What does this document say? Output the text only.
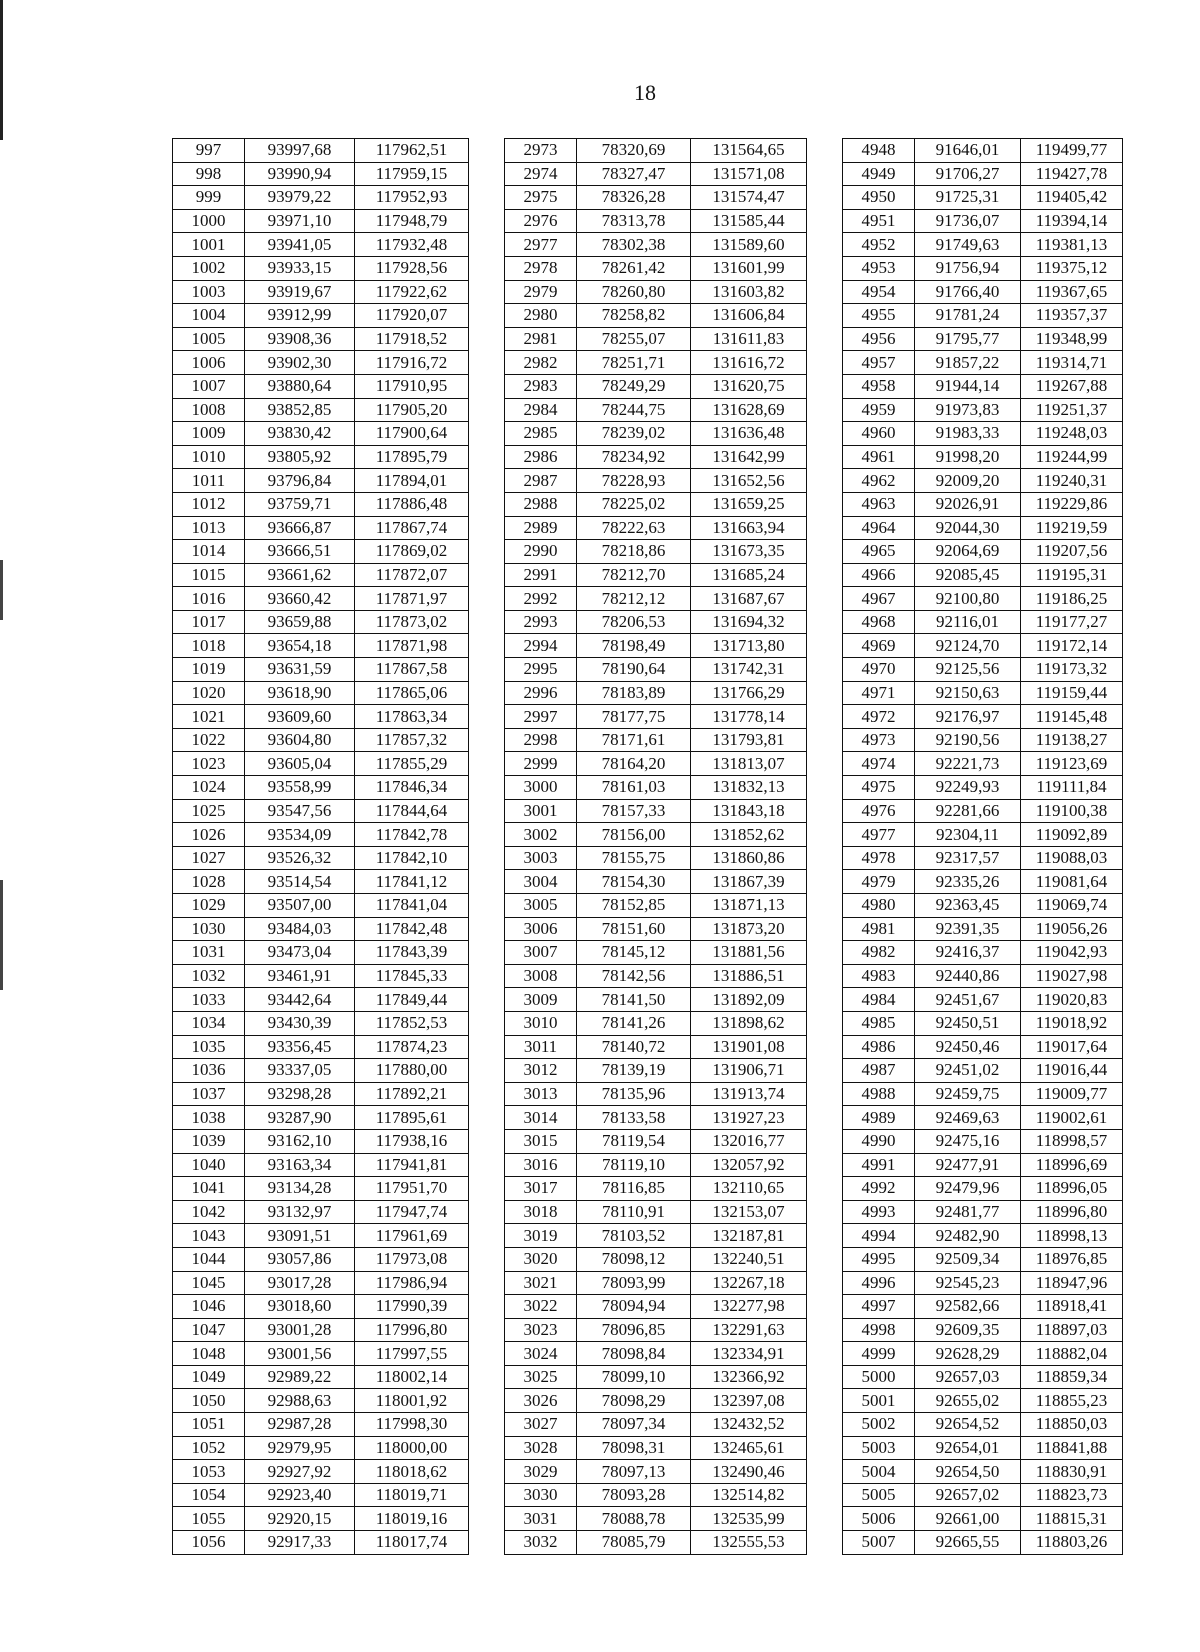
18
997	93997,68	117962,51		2973	78320,69	131564,65		4948	91646,01	119499,77
998	93990,94	117959,15		2974	78327,47	131571,08		4949	91706,27	119427,78
999	93979,22	117952,93		2975	78326,28	131574,47		4950	91725,31	119405,42
1000	93971,10	117948,79		2976	78313,78	131585,44		4951	91736,07	119394,14
1001	93941,05	117932,48		2977	78302,38	131589,60		4952	91749,63	119381,13
1002	93933,15	117928,56		2978	78261,42	131601,99		4953	91756,94	119375,12
1003	93919,67	117922,62		2979	78260,80	131603,82		4954	91766,40	119367,65
1004	93912,99	117920,07		2980	78258,82	131606,84		4955	91781,24	119357,37
1005	93908,36	117918,52		2981	78255,07	131611,83		4956	91795,77	119348,99
1006	93902,30	117916,72		2982	78251,71	131616,72		4957	91857,22	119314,71
1007	93880,64	117910,95		2983	78249,29	131620,75		4958	91944,14	119267,88
1008	93852,85	117905,20		2984	78244,75	131628,69		4959	91973,83	119251,37
1009	93830,42	117900,64		2985	78239,02	131636,48		4960	91983,33	119248,03
1010	93805,92	117895,79		2986	78234,92	131642,99		4961	91998,20	119244,99
1011	93796,84	117894,01		2987	78228,93	131652,56		4962	92009,20	119240,31
1012	93759,71	117886,48		2988	78225,02	131659,25		4963	92026,91	119229,86
1013	93666,87	117867,74		2989	78222,63	131663,94		4964	92044,30	119219,59
1014	93666,51	117869,02		2990	78218,86	131673,35		4965	92064,69	119207,56
1015	93661,62	117872,07		2991	78212,70	131685,24		4966	92085,45	119195,31
1016	93660,42	117871,97		2992	78212,12	131687,67		4967	92100,80	119186,25
1017	93659,88	117873,02		2993	78206,53	131694,32		4968	92116,01	119177,27
1018	93654,18	117871,98		2994	78198,49	131713,80		4969	92124,70	119172,14
1019	93631,59	117867,58		2995	78190,64	131742,31		4970	92125,56	119173,32
1020	93618,90	117865,06		2996	78183,89	131766,29		4971	92150,63	119159,44
1021	93609,60	117863,34		2997	78177,75	131778,14		4972	92176,97	119145,48
1022	93604,80	117857,32		2998	78171,61	131793,81		4973	92190,56	119138,27
1023	93605,04	117855,29		2999	78164,20	131813,07		4974	92221,73	119123,69
1024	93558,99	117846,34		3000	78161,03	131832,13		4975	92249,93	119111,84
1025	93547,56	117844,64		3001	78157,33	131843,18		4976	92281,66	119100,38
1026	93534,09	117842,78		3002	78156,00	131852,62		4977	92304,11	119092,89
1027	93526,32	117842,10		3003	78155,75	131860,86		4978	92317,57	119088,03
1028	93514,54	117841,12		3004	78154,30	131867,39		4979	92335,26	119081,64
1029	93507,00	117841,04		3005	78152,85	131871,13		4980	92363,45	119069,74
1030	93484,03	117842,48		3006	78151,60	131873,20		4981	92391,35	119056,26
1031	93473,04	117843,39		3007	78145,12	131881,56		4982	92416,37	119042,93
1032	93461,91	117845,33		3008	78142,56	131886,51		4983	92440,86	119027,98
1033	93442,64	117849,44		3009	78141,50	131892,09		4984	92451,67	119020,83
1034	93430,39	117852,53		3010	78141,26	131898,62		4985	92450,51	119018,92
1035	93356,45	117874,23		3011	78140,72	131901,08		4986	92450,46	119017,64
1036	93337,05	117880,00		3012	78139,19	131906,71		4987	92451,02	119016,44
1037	93298,28	117892,21		3013	78135,96	131913,74		4988	92459,75	119009,77
1038	93287,90	117895,61		3014	78133,58	131927,23		4989	92469,63	119002,61
1039	93162,10	117938,16		3015	78119,54	132016,77		4990	92475,16	118998,57
1040	93163,34	117941,81		3016	78119,10	132057,92		4991	92477,91	118996,69
1041	93134,28	117951,70		3017	78116,85	132110,65		4992	92479,96	118996,05
1042	93132,97	117947,74		3018	78110,91	132153,07		4993	92481,77	118996,80
1043	93091,51	117961,69		3019	78103,52	132187,81		4994	92482,90	118998,13
1044	93057,86	117973,08		3020	78098,12	132240,51		4995	92509,34	118976,85
1045	93017,28	117986,94		3021	78093,99	132267,18		4996	92545,23	118947,96
1046	93018,60	117990,39		3022	78094,94	132277,98		4997	92582,66	118918,41
1047	93001,28	117996,80		3023	78096,85	132291,63		4998	92609,35	118897,03
1048	93001,56	117997,55		3024	78098,84	132334,91		4999	92628,29	118882,04
1049	92989,22	118002,14		3025	78099,10	132366,92		5000	92657,03	118859,34
1050	92988,63	118001,92		3026	78098,29	132397,08		5001	92655,02	118855,23
1051	92987,28	117998,30		3027	78097,34	132432,52		5002	92654,52	118850,03
1052	92979,95	118000,00		3028	78098,31	132465,61		5003	92654,01	118841,88
1053	92927,92	118018,62		3029	78097,13	132490,46		5004	92654,50	118830,91
1054	92923,40	118019,71		3030	78093,28	132514,82		5005	92657,02	118823,73
1055	92920,15	118019,16		3031	78088,78	132535,99		5006	92661,00	118815,31
1056	92917,33	118017,74		3032	78085,79	132555,53		5007	92665,55	118803,26
